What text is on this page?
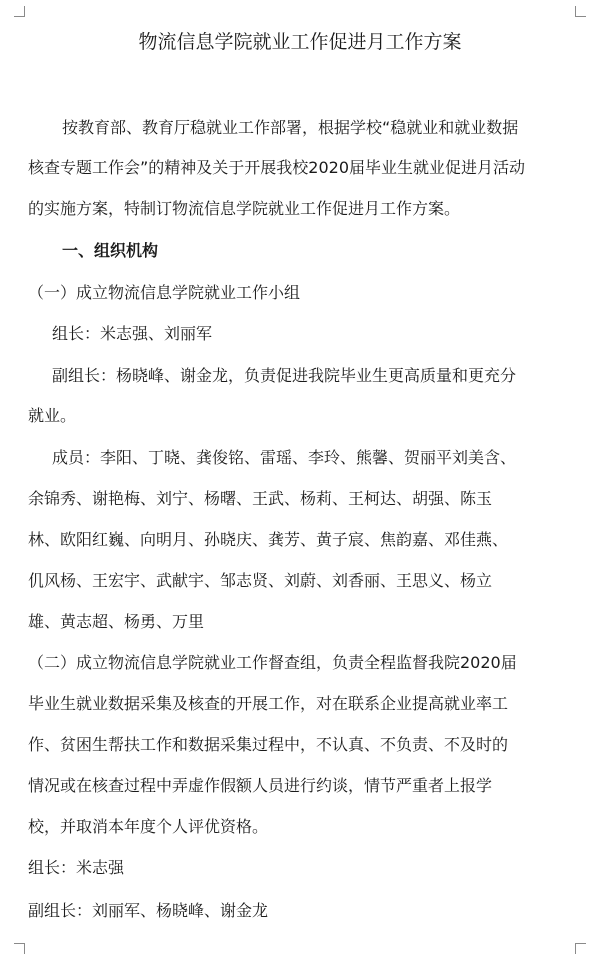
物流信息学院就业工作促进月工作方案

按教育部、教育厅稳就业工作部署，根据学校“稳就业和就业数据

核查专题工作会”的精神及关于开展我校2020届毕业生就业促进月活动

的实施方案，特制订物流信息学院就业工作促进月工作方案。

一、组织机构

（一）成立物流信息学院就业工作小组

组长：米志强、刘丽军

副组长：杨晓峰、谢金龙，负责促进我院毕业生更高质量和更充分

就业。

成员：李阳、丁晓、龚俊铭、雷瑶、李玲、熊馨、贺丽平刘美含、

余锦秀、谢艳梅、刘宁、杨曙、王武、杨莉、王柯达、胡强、陈玉

林、欧阳红巍、向明月、孙晓庆、龚芳、黄子宸、焦韵嘉、邓佳燕、

仉风杨、王宏宇、武献宇、邹志贤、刘蔚、刘香丽、王思义、杨立

雄、黄志超、杨勇、万里

（二）成立物流信息学院就业工作督查组，负责全程监督我院2020届

毕业生就业数据采集及核查的开展工作，对在联系企业提高就业率工

作、贫困生帮扶工作和数据采集过程中，不认真、不负责、不及时的

情况或在核查过程中弄虚作假额人员进行约谈，情节严重者上报学

校，并取消本年度个人评优资格。

组长：米志强

副组长：刘丽军、杨晓峰、谢金龙
